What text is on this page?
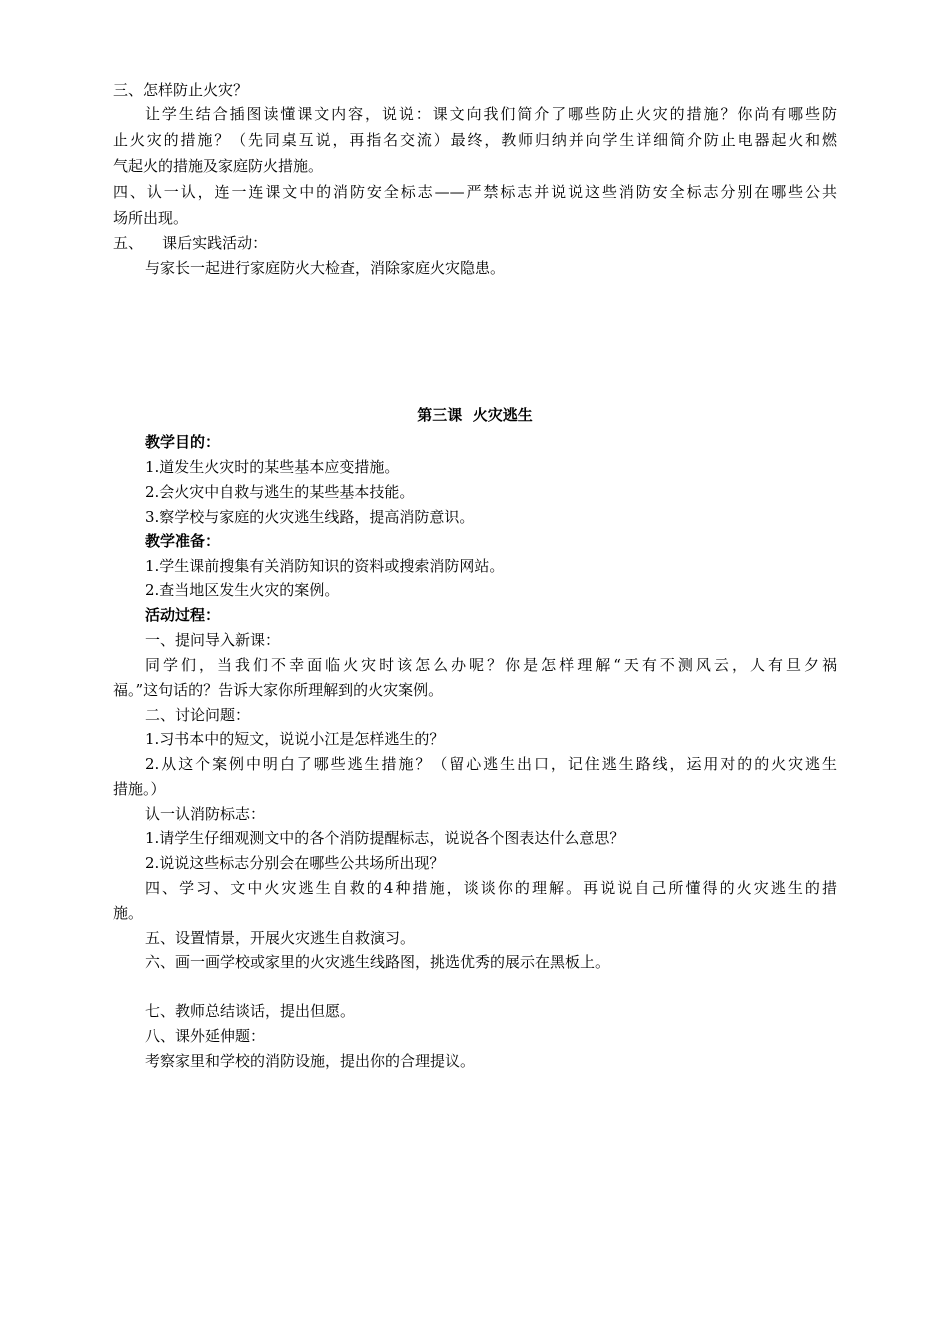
三、怎样防止火灾？
让学生结合插图读懂课文内容，说说：课文向我们简介了哪些防止火灾的措施？你尚有哪些防
止火灾的措施？（先同桌互说，再指名交流）最终，教师归纳并向学生详细简介防止电器起火和燃
气起火的措施及家庭防火措施。
四、认一认，连一连课文中的消防安全标志——严禁标志并说说这些消防安全标志分别在哪些公共
场所出现。
五、    课后实践活动：
与家长一起进行家庭防火大检查，消除家庭火灾隐患。
第三课  火灾逃生
教学目的：
1.道发生火灾时的某些基本应变措施。
2.会火灾中自救与逃生的某些基本技能。
3.察学校与家庭的火灾逃生线路，提高消防意识。
教学准备：
1.学生课前搜集有关消防知识的资料或搜索消防网站。
2.查当地区发生火灾的案例。
活动过程：
一、提问导入新课：
同学们，当我们不幸面临火灾时该怎么办呢？你是怎样理解“天有不测风云，人有旦夕祸
福。”这句话的？告诉大家你所理解到的火灾案例。
二、讨论问题：
1.习书本中的短文，说说小江是怎样逃生的？
2.从这个案例中明白了哪些逃生措施？（留心逃生出口，记住逃生路线，运用对的的火灾逃生
措施。）
认一认消防标志：
1.请学生仔细观测文中的各个消防提醒标志，说说各个图表达什么意思？
2.说说这些标志分别会在哪些公共场所出现？
四、学习、文中火灾逃生自救的4种措施，谈谈你的理解。再说说自己所懂得的火灾逃生的措
施。
五、设置情景，开展火灾逃生自救演习。
六、画一画学校或家里的火灾逃生线路图，挑选优秀的展示在黑板上。
七、教师总结谈话，提出但愿。
八、课外延伸题：
考察家里和学校的消防设施，提出你的合理提议。
